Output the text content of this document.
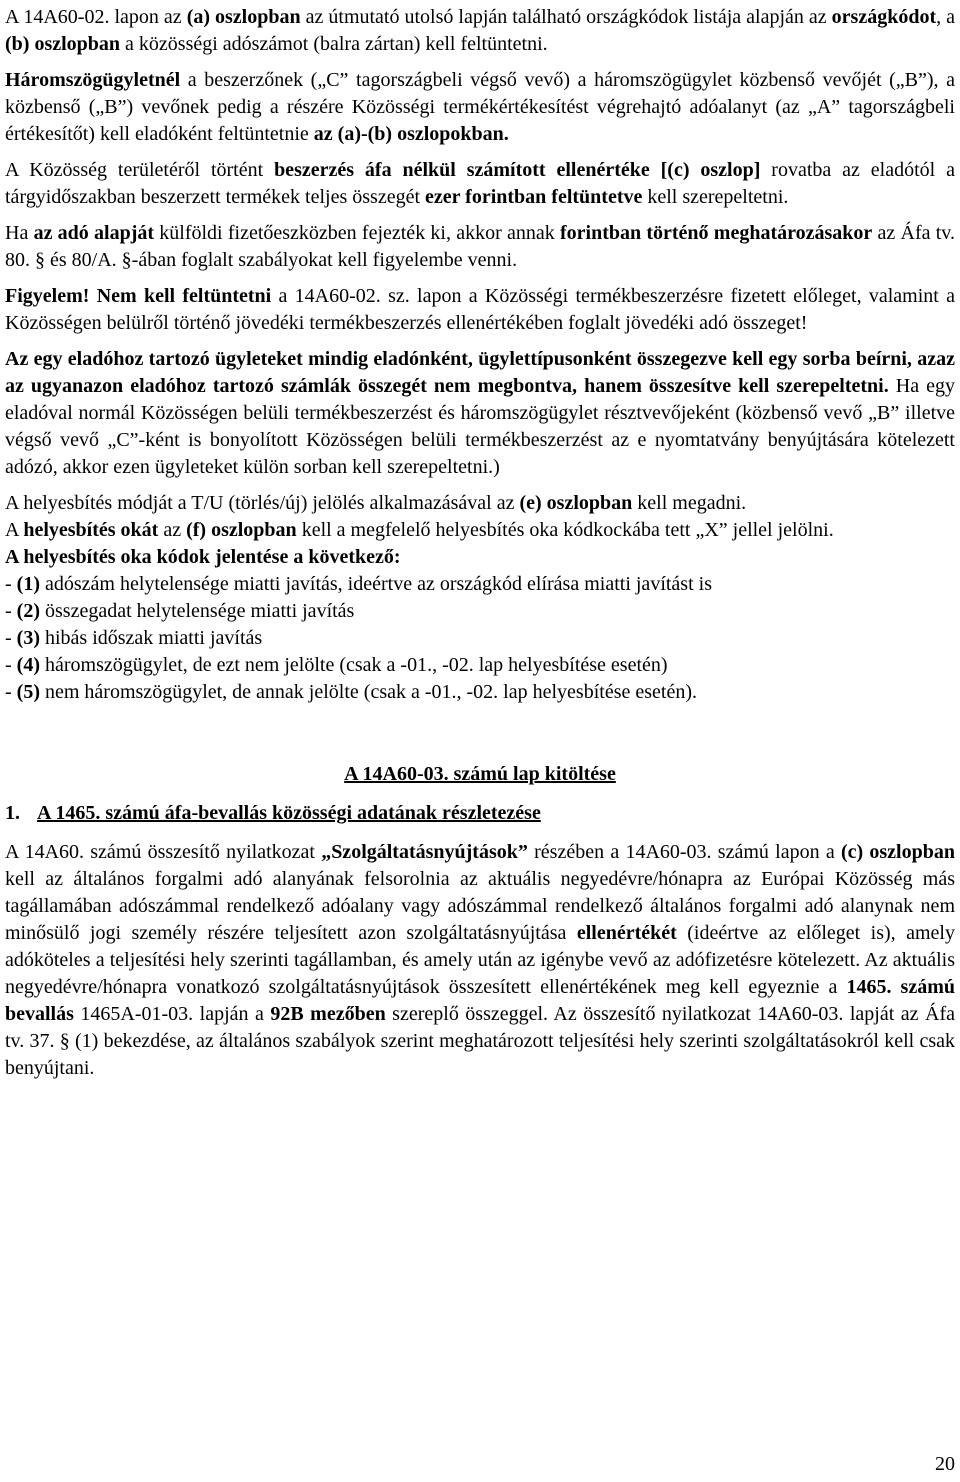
A 14A60-02. lapon az (a) oszlopban az útmutató utolsó lapján található országkódok listája alapján az országkódot, a (b) oszlopban a közösségi adószámot (balra zártan) kell feltüntetni.

Háromszögügyletnél a beszerzőnek („C” tagországbeli végső vevő) a háromszögügylet közbenső vevőjét („B”), a közbenső („B”) vevőnek pedig a részére Közösségi termékértékesítést végrehajtó adóalanyt (az „A” tagországbeli értékesítőt) kell eladóként feltüntetnie az (a)-(b) oszlopokban.

A Közösség területéről történt beszerzés áfa nélkül számított ellenértéke [(c) oszlop] rovatba az eladótól a tárgyidőszakban beszerzett termékek teljes összegét ezer forintban feltüntetve kell szerepeltetni.

Ha az adó alapját külföldi fizetőeszközben fejezték ki, akkor annak forintban történő meghatározásakor az Áfa tv. 80. § és 80/A. §-ában foglalt szabályokat kell figyelembe venni.

Figyelem! Nem kell feltüntetni a 14A60-02. sz. lapon a Közösségi termékbeszerzésre fizetett előleget, valamint a Közösségen belülről történő jövedéki termékbeszerzés ellenértékében foglalt jövedéki adó összeget!

Az egy eladóhoz tartozó ügyleteket mindig eladónként, ügylettípusonként összegezve kell egy sorba beírni, azaz az ugyanazon eladóhoz tartozó számlák összegét nem megbontva, hanem összesítve kell szerepeltetni. Ha egy eladóval normál Közösségen belüli termékbeszerzést és háromszögügylet résztvevőjeként (közbenső vevő „B” illetve végső vevő „C”-ként is bonyolított Közösségen belüli termékbeszerzést az e nyomtatvány benyújtására kötelezett adózó, akkor ezen ügyleteket külön sorban kell szerepeltetni.)

A helyesbítés módját a T/U (törlés/új) jelölés alkalmazásával az (e) oszlopban kell megadni.

A helyesbítés okát az (f) oszlopban kell a megfelelő helyesbítés oka kódkockába tett „X” jellel jelölni.

A helyesbítés oka kódok jelentése a következő:

- (1) adószám helytelensége miatti javítás, ideértve az országkód elírása miatti javítást is
- (2) összegadat helytelensége miatti javítás
- (3) hibás időszak miatti javítás
- (4) háromszögügylet, de ezt nem jelölte (csak a -01., -02. lap helyesbítése esetén)
- (5) nem háromszögügylet, de annak jelölte (csak a -01., -02. lap helyesbítése esetén).
A 14A60-03. számú lap kitöltése
1. A 1465. számú áfa-bevallás közösségi adatának részletezése

A 14A60. számú összesítő nyilatkozat „Szolgáltatásnyújtások” részében a 14A60-03. számú lapon a (c) oszlopban kell az általános forgalmi adó alanyának felsorolnia az aktuális negyedévre/hónapra az Európai Közösség más tagállamában adószámmal rendelkező adóalany vagy adószámmal rendelkező általános forgalmi adó alanynak nem minősülő jogi személy részére teljesített azon szolgáltatásnyújtása ellenértékét (ideértve az előleget is), amely adóköteles a teljesítési hely szerinti tagállamban, és amely után az igénybe vevő az adófizetésre kötelezett. Az aktuális negyedévre/hónapra vonatkozó szolgáltatásnyújtások összesített ellenértékének meg kell egyeznie a 1465. számú bevallás 1465A-01-03. lapján a 92B mezőben szereplő összeggel. Az összesítő nyilatkozat 14A60-03. lapját az Áfa tv. 37. § (1) bekezdése, az általános szabályok szerint meghatározott teljesítési hely szerinti szolgáltatásokról kell csak benyújtani.

20
